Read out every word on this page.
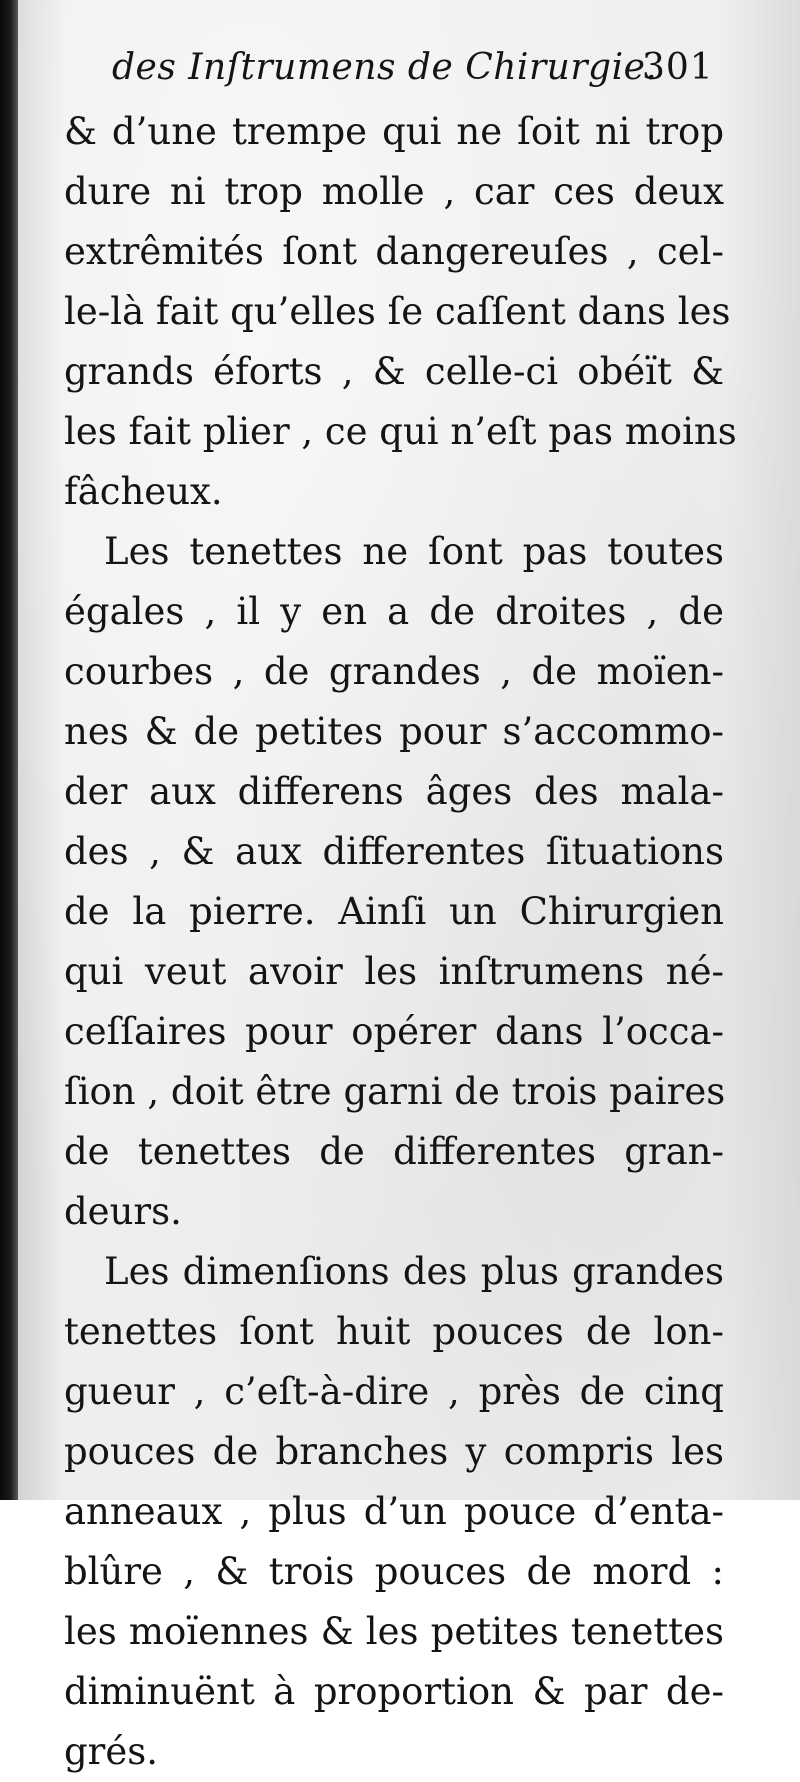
des Inſtrumens de Chirurgie.
301
& d’une trempe qui ne ſoit ni trop
dure ni trop molle , car ces deux
extrêmités ſont dangereuſes , cel-
le-là fait qu’elles ſe caſſent dans les
grands éforts , & celle-ci obéït &
les fait plier , ce qui n’eſt pas moins
fâcheux.
Les tenettes ne ſont pas toutes
égales , il y en a de droites , de
courbes , de grandes , de moïen-
nes & de petites pour s’accommo-
der aux differens âges des mala-
des , & aux differentes ſituations
de la pierre. Ainſi un Chirurgien
qui veut avoir les inſtrumens né-
ceſſaires pour opérer dans l’occa-
ſion , doit être garni de trois paires
de tenettes de differentes gran-
deurs.
Les dimenſions des plus grandes
tenettes ſont huit pouces de lon-
gueur , c’eſt-à-dire , près de cinq
pouces de branches y compris les
anneaux , plus d’un pouce d’enta-
blûre , & trois pouces de mord :
les moïennes & les petites tenettes
diminuënt à proportion & par de-
grés.
